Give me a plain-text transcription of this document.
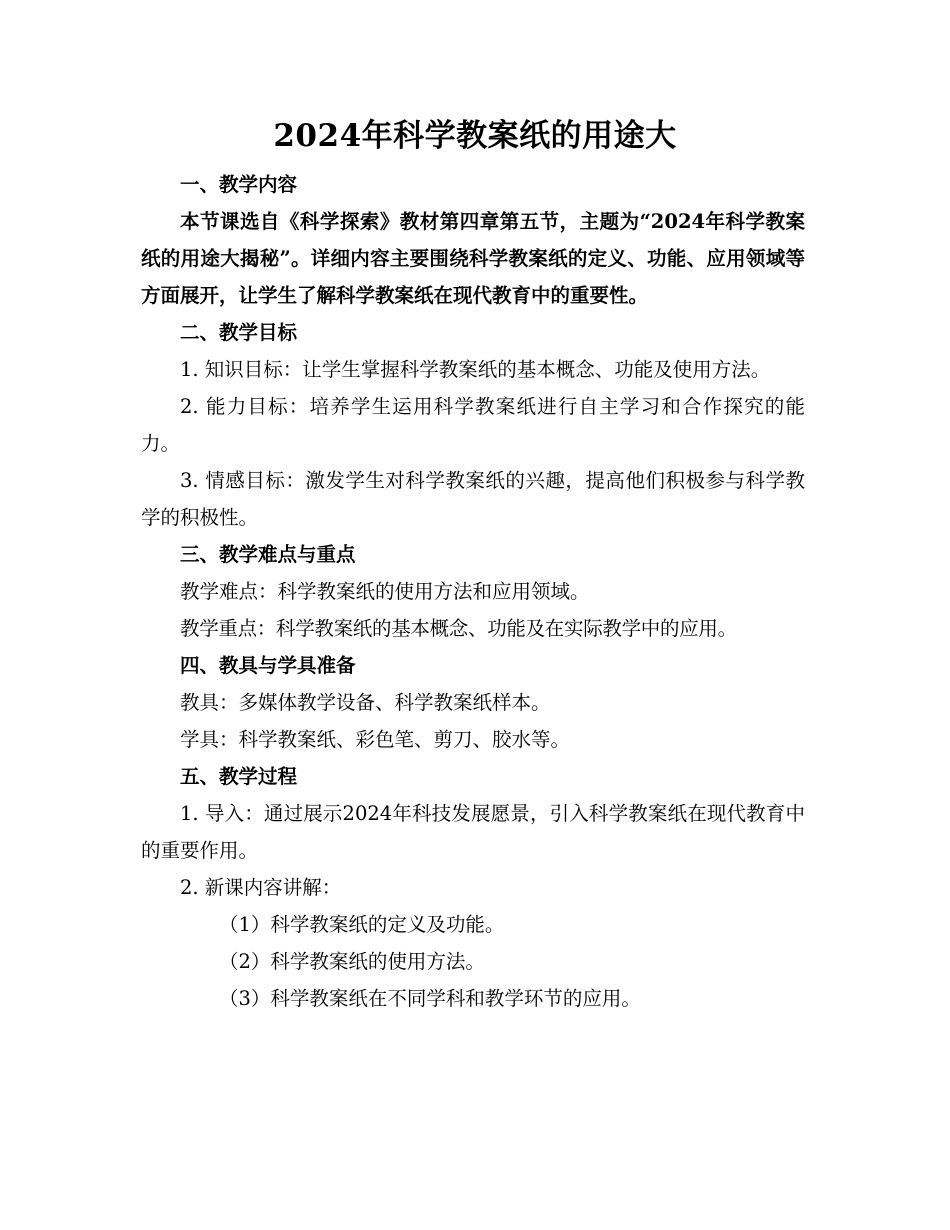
2024年科学教案纸的用途大

一、教学内容

本节课选自《科学探索》教材第四章第五节，主题为“2024年科学教案纸的用途大揭秘”。详细内容主要围绕科学教案纸的定义、功能、应用领域等方面展开，让学生了解科学教案纸在现代教育中的重要性。

二、教学目标

1. 知识目标：让学生掌握科学教案纸的基本概念、功能及使用方法。

2. 能力目标：培养学生运用科学教案纸进行自主学习和合作探究的能力。

3. 情感目标：激发学生对科学教案纸的兴趣，提高他们积极参与科学教学的积极性。

三、教学难点与重点

教学难点：科学教案纸的使用方法和应用领域。

教学重点：科学教案纸的基本概念、功能及在实际教学中的应用。

四、教具与学具准备

教具：多媒体教学设备、科学教案纸样本。

学具：科学教案纸、彩色笔、剪刀、胶水等。

五、教学过程

1. 导入：通过展示2024年科技发展愿景，引入科学教案纸在现代教育中的重要作用。

2. 新课内容讲解：

（1）科学教案纸的定义及功能。

（2）科学教案纸的使用方法。

（3）科学教案纸在不同学科和教学环节的应用。
